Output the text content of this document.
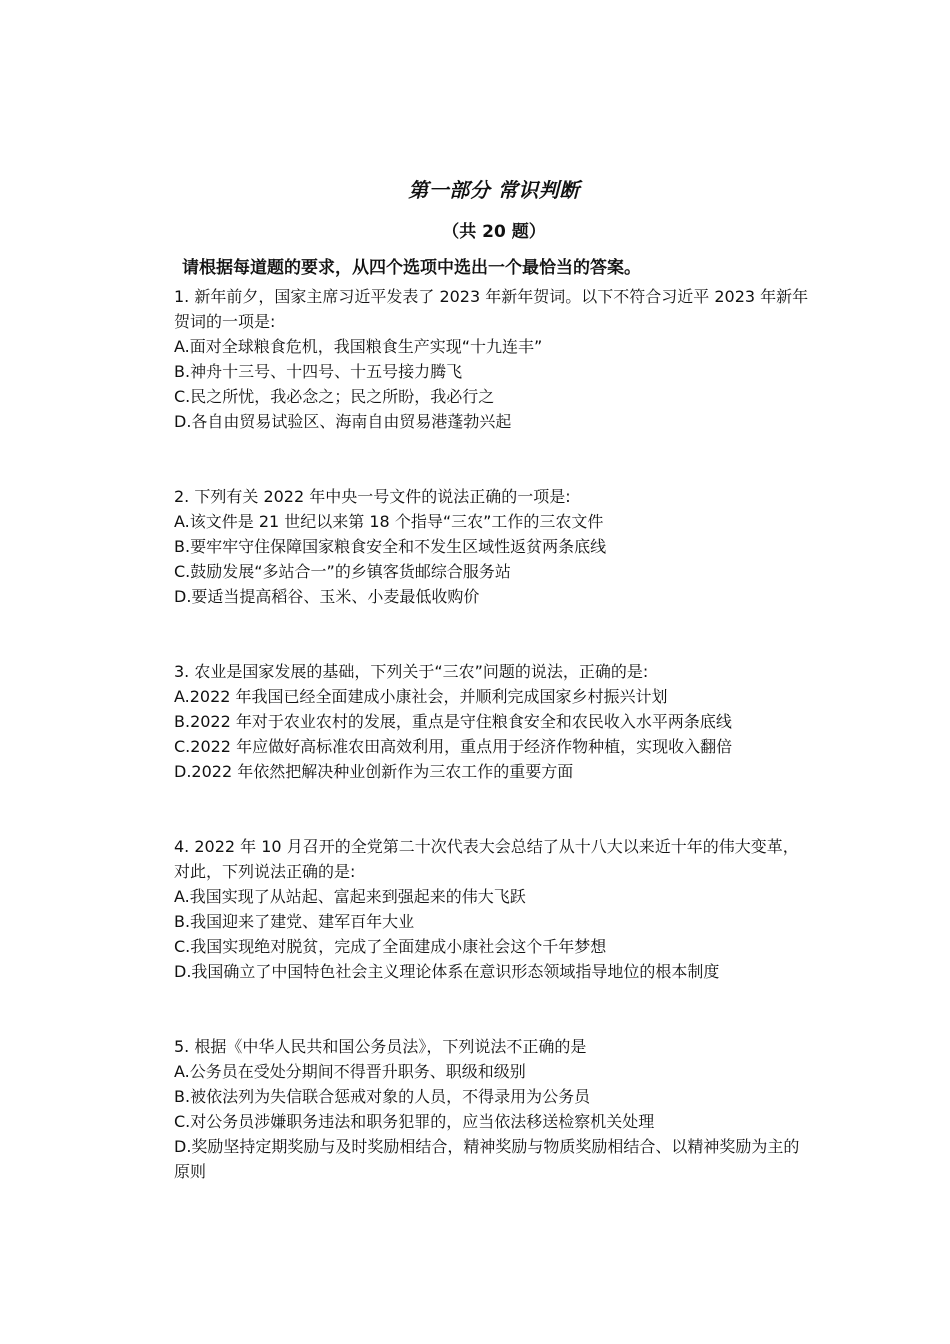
第一部分 常识判断
（共 20 题）
请根据每道题的要求，从四个选项中选出一个最恰当的答案。

1. 新年前夕，国家主席习近平发表了 2023 年新年贺词。以下不符合习近平 2023 年新年贺词的一项是:

A.面对全球粮食危机，我国粮食生产实现“十九连丰”

B.神舟十三号、十四号、十五号接力腾飞

C.民之所忧，我必念之；民之所盼，我必行之

D.各自由贸易试验区、海南自由贸易港蓬勃兴起

2. 下列有关 2022 年中央一号文件的说法正确的一项是:

A.该文件是 21 世纪以来第 18 个指导“三农”工作的三农文件

B.要牢牢守住保障国家粮食安全和不发生区域性返贫两条底线

C.鼓励发展“多站合一”的乡镇客货邮综合服务站

D.要适当提高稻谷、玉米、小麦最低收购价

3. 农业是国家发展的基础，下列关于“三农”问题的说法，正确的是:

A.2022 年我国已经全面建成小康社会，并顺利完成国家乡村振兴计划

B.2022 年对于农业农村的发展，重点是守住粮食安全和农民收入水平两条底线

C.2022 年应做好高标准农田高效利用，重点用于经济作物种植，实现收入翻倍

D.2022 年依然把解决种业创新作为三农工作的重要方面

4. 2022 年 10 月召开的全党第二十次代表大会总结了从十八大以来近十年的伟大变革，对此，下列说法正确的是:

A.我国实现了从站起、富起来到强起来的伟大飞跃

B.我国迎来了建党、建军百年大业

C.我国实现绝对脱贫，完成了全面建成小康社会这个千年梦想

D.我国确立了中国特色社会主义理论体系在意识形态领域指导地位的根本制度

5. 根据《中华人民共和国公务员法》，下列说法不正确的是

A.公务员在受处分期间不得晋升职务、职级和级别

B.被依法列为失信联合惩戒对象的人员，不得录用为公务员

C.对公务员涉嫌职务违法和职务犯罪的，应当依法移送检察机关处理

D.奖励坚持定期奖励与及时奖励相结合，精神奖励与物质奖励相结合、以精神奖励为主的原则
